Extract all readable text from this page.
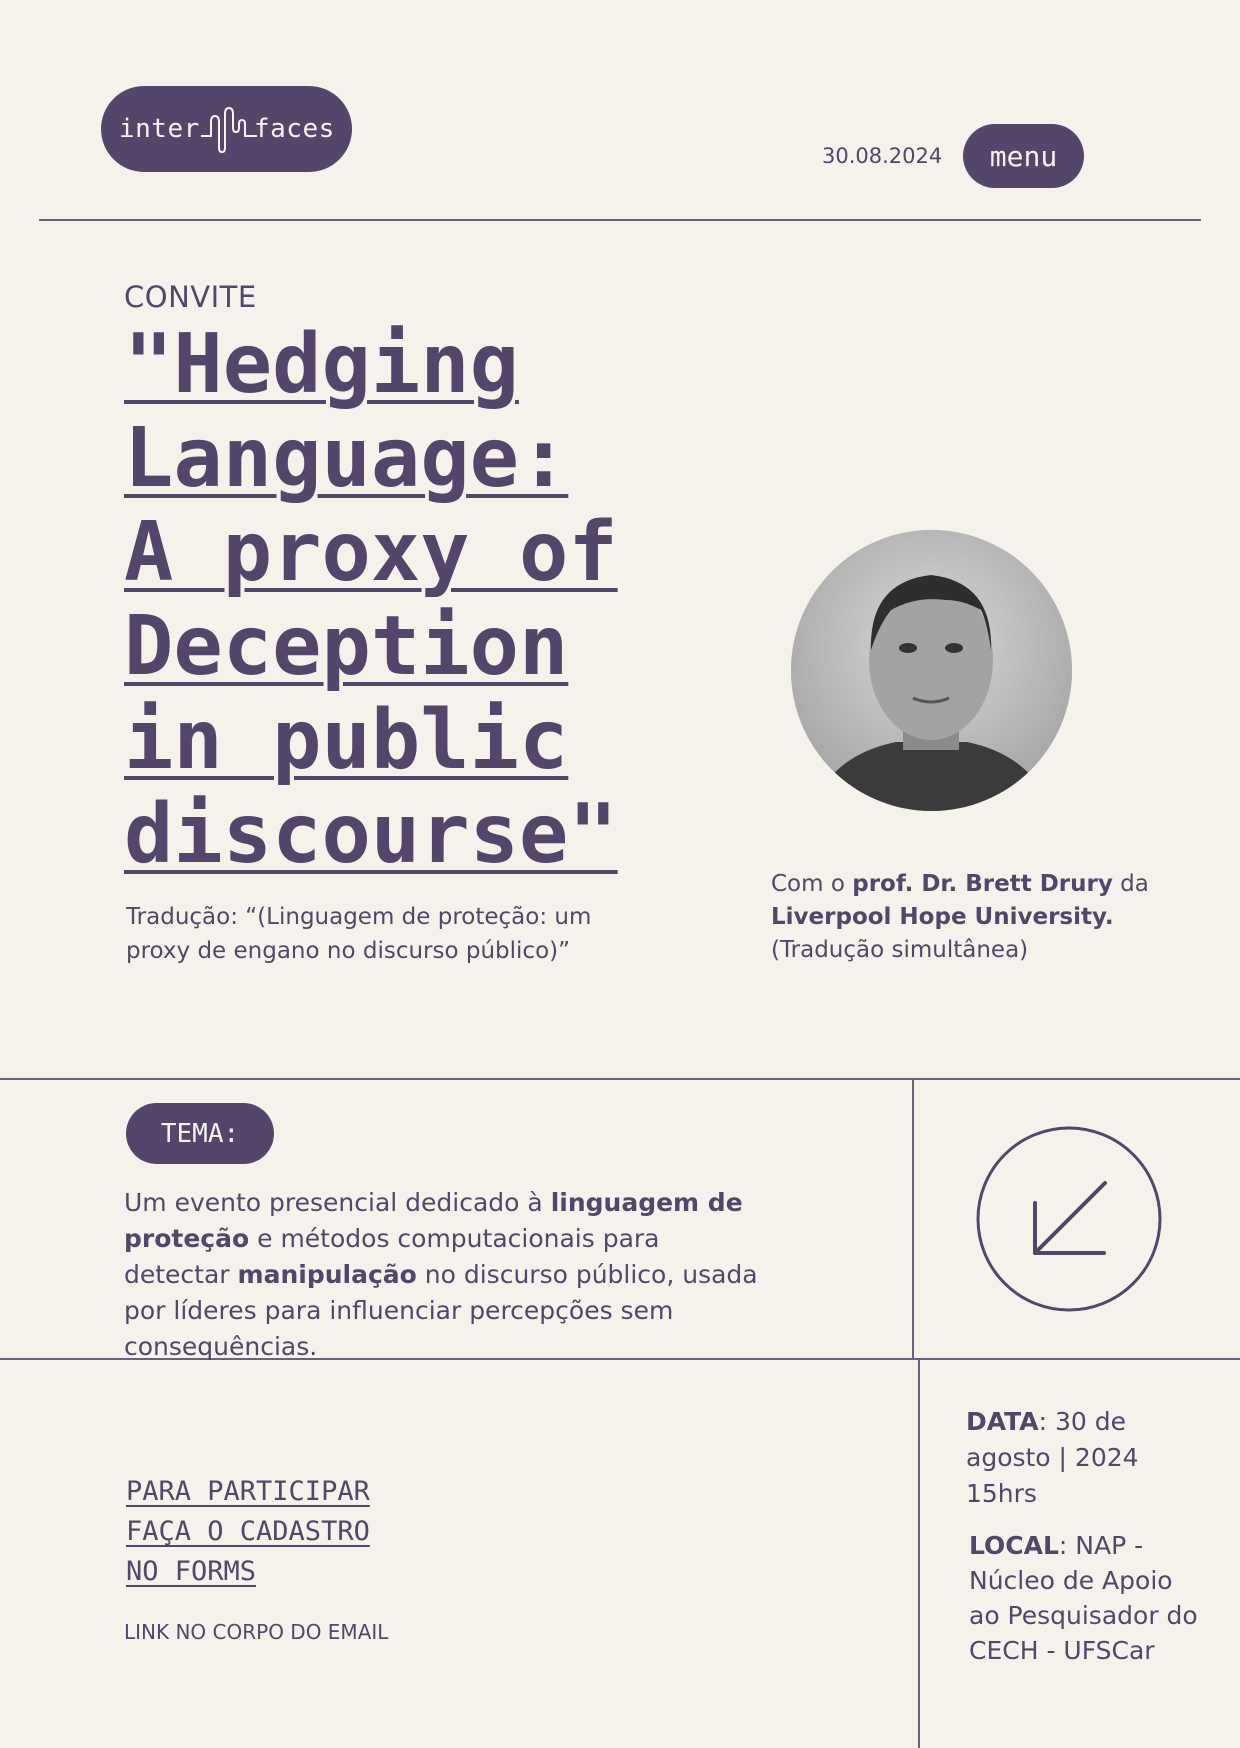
inter faces
30.08.2024	menu
CONVITE
"Hedging
Language:
A proxy of
Deception
in public
discourse"
Tradução: “(Linguagem de proteção: um proxy de engano no discurso público)”
Com o prof. Dr. Brett Drury da
Liverpool Hope University.
(Tradução simultânea)
TEMA:
Um evento presencial dedicado à linguagem de proteção e métodos computacionais para detectar manipulação no discurso público, usada por líderes para influenciar percepções sem consequências.
PARA PARTICIPAR
FAÇA O CADASTRO
NO FORMS
LINK NO CORPO DO EMAIL
DATA: 30 de agosto | 2024
15hrs
LOCAL: NAP - Núcleo de Apoio ao Pesquisador do CECH - UFSCar
